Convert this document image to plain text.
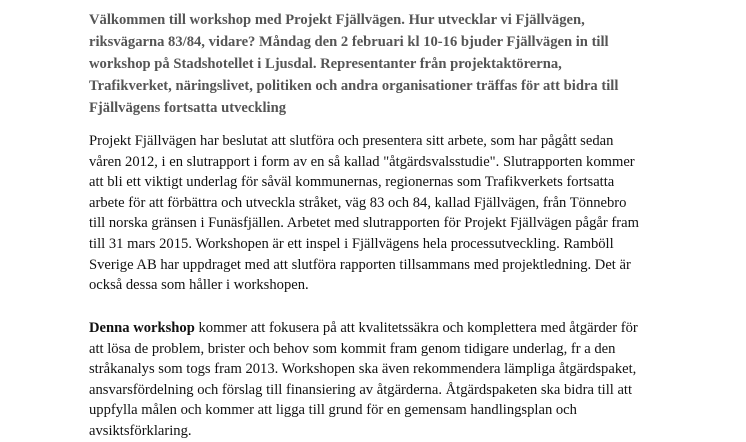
Välkommen till workshop med Projekt Fjällvägen. Hur utvecklar vi Fjällvägen,
riksvägarna 83/84, vidare? Måndag den 2 februari kl 10-16 bjuder Fjällvägen in till
workshop på Stadshotellet i Ljusdal. Representanter från projektaktörerna,
Trafikverket, näringslivet, politiken och andra organisationer träffas för att bidra till
Fjällvägens fortsatta utveckling

Projekt Fjällvägen har beslutat att slutföra och presentera sitt arbete, som har pågått sedan
våren 2012, i en slutrapport i form av en så kallad "åtgärdsvalsstudie". Slutrapporten kommer
att bli ett viktigt underlag för såväl kommunernas, regionernas som Trafikverkets fortsatta
arbete för att förbättra och utveckla stråket, väg 83 och 84, kallad Fjällvägen, från Tönnebro
till norska gränsen i Funäsfjällen. Arbetet med slutrapporten för Projekt Fjällvägen pågår fram
till 31 mars 2015. Workshopen är ett inspel i Fjällvägens hela processutveckling. Ramböll
Sverige AB har uppdraget med att slutföra rapporten tillsammans med projektledning. Det är
också dessa som håller i workshopen.

Denna workshop kommer att fokusera på att kvalitetssäkra och komplettera med åtgärder för
att lösa de problem, brister och behov som kommit fram genom tidigare underlag, fr a den
stråkanalys som togs fram 2013. Workshopen ska även rekommendera lämpliga åtgärdspaket,
ansvarsfördelning och förslag till finansiering av åtgärderna. Åtgärdspaketen ska bidra till att
uppfylla målen och kommer att ligga till grund för en gemensam handlingsplan och
avsiktsförklaring.
